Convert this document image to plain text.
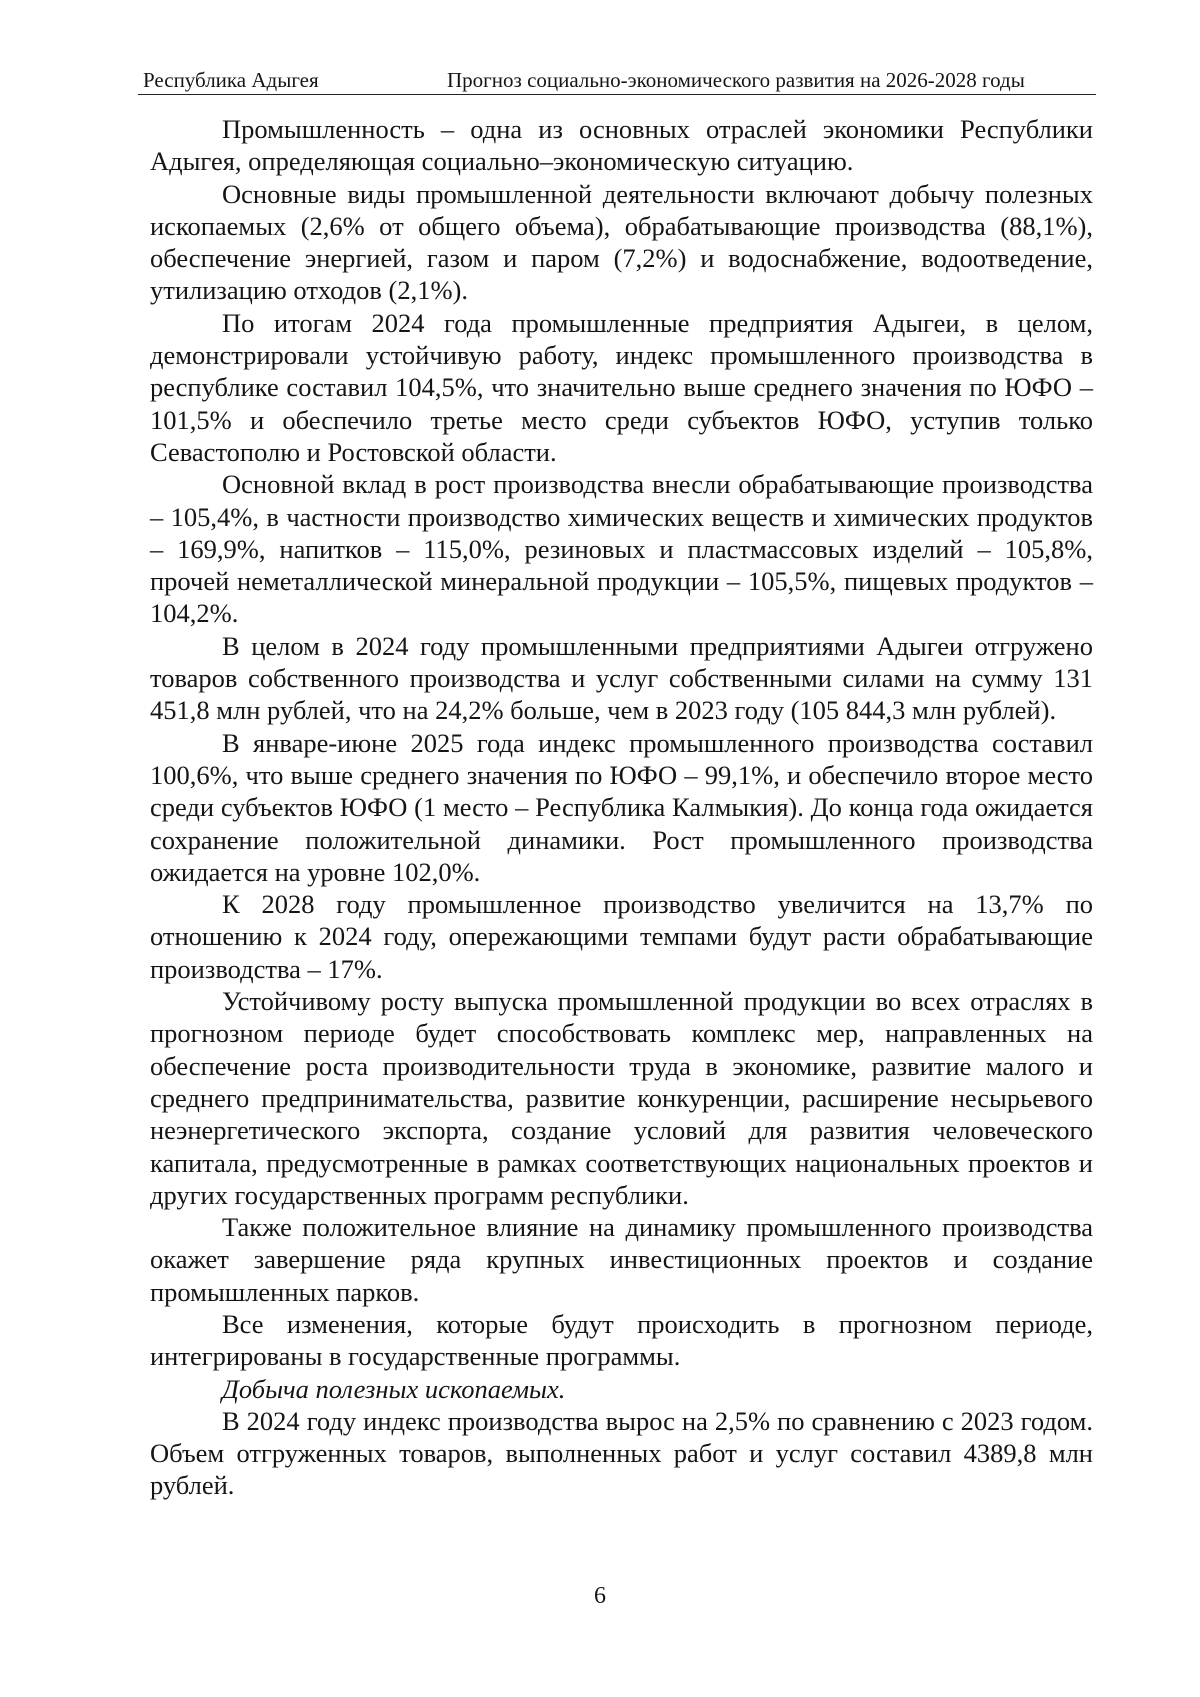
Республика Адыгея	Прогноз социально-экономического развития на 2026-2028 годы

Промышленность – одна из основных отраслей экономики Республики Адыгея, определяющая социально–экономическую ситуацию.

Основные виды промышленной деятельности включают добычу полезных ископаемых (2,6% от общего объема), обрабатывающие производства (88,1%), обеспечение энергией, газом и паром (7,2%) и водоснабжение, водоотведение, утилизацию отходов (2,1%).

По итогам 2024 года промышленные предприятия Адыгеи, в целом, демонстрировали устойчивую работу, индекс промышленного производства в республике составил 104,5%, что значительно выше среднего значения по ЮФО – 101,5% и обеспечило третье место среди субъектов ЮФО, уступив только Севастополю и Ростовской области.

Основной вклад в рост производства внесли обрабатывающие производства – 105,4%, в частности производство химических веществ и химических продуктов – 169,9%, напитков – 115,0%, резиновых и пластмассовых изделий – 105,8%, прочей неметаллической минеральной продукции – 105,5%, пищевых продуктов – 104,2%.

В целом в 2024 году промышленными предприятиями Адыгеи отгружено товаров собственного производства и услуг собственными силами на сумму 131 451,8 млн рублей, что на 24,2% больше, чем в 2023 году (105 844,3 млн рублей).

В январе-июне 2025 года индекс промышленного производства составил 100,6%, что выше среднего значения по ЮФО – 99,1%, и обеспечило второе место среди субъектов ЮФО (1 место – Республика Калмыкия). До конца года ожидается сохранение положительной динамики. Рост промышленного производства ожидается на уровне 102,0%.

К 2028 году промышленное производство увеличится на 13,7% по отношению к 2024 году, опережающими темпами будут расти обрабатывающие производства – 17%.

Устойчивому росту выпуска промышленной продукции во всех отраслях в прогнозном периоде будет способствовать комплекс мер, направленных на обеспечение роста производительности труда в экономике, развитие малого и среднего предпринимательства, развитие конкуренции, расширение несырьевого неэнергетического экспорта, создание условий для развития человеческого капитала, предусмотренные в рамках соответствующих национальных проектов и других государственных программ республики.

Также положительное влияние на динамику промышленного производства окажет завершение ряда крупных инвестиционных проектов и создание промышленных парков.

Все изменения, которые будут происходить в прогнозном периоде, интегрированы в государственные программы.

Добыча полезных ископаемых.

В 2024 году индекс производства вырос на 2,5% по сравнению с 2023 годом. Объем отгруженных товаров, выполненных работ и услуг составил 4389,8 млн рублей.

6
